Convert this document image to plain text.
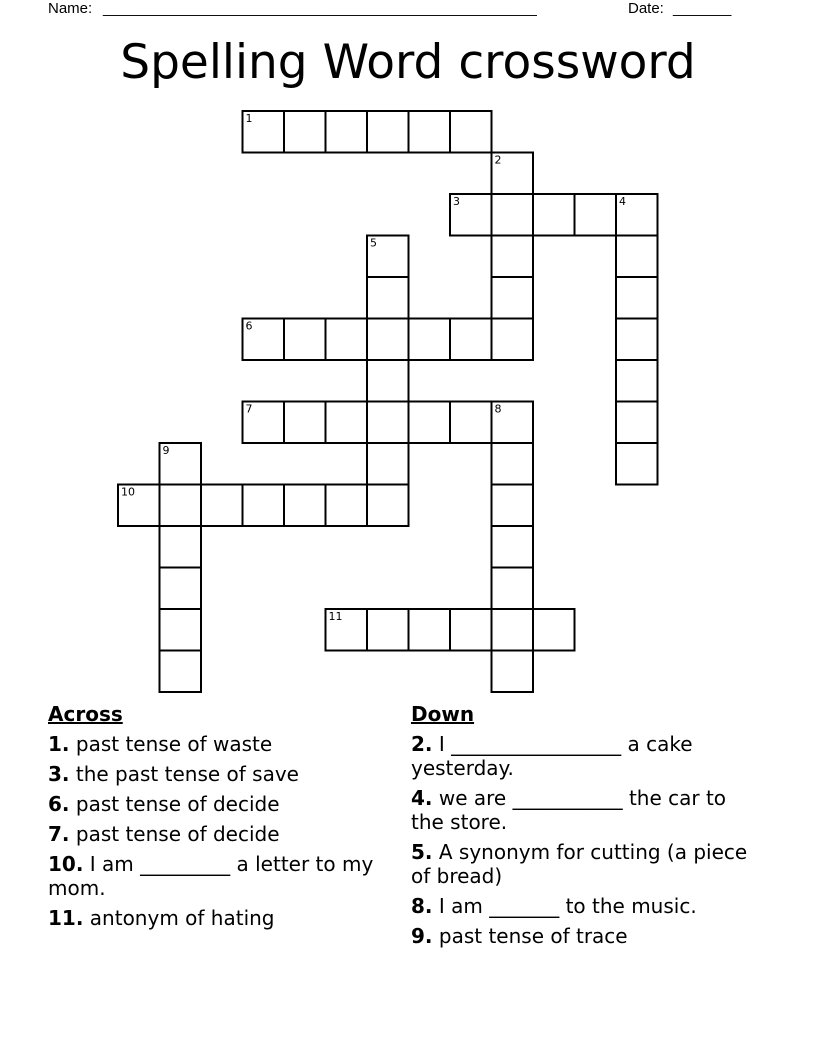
Name: ____________________________________________________	Date: _______
Spelling Word crossword
1
2
3	4
5
6
7	8
9
10
11
Across
1. past tense of waste
3. the past tense of save
6. past tense of decide
7. past tense of decide
10. I am _________ a letter to my mom.
11. antonym of hating
Down
2. I _________________ a cake yesterday.
4. we are ___________ the car to the store.
5. A synonym for cutting (a piece of bread)
8. I am _______ to the music.
9. past tense of trace
